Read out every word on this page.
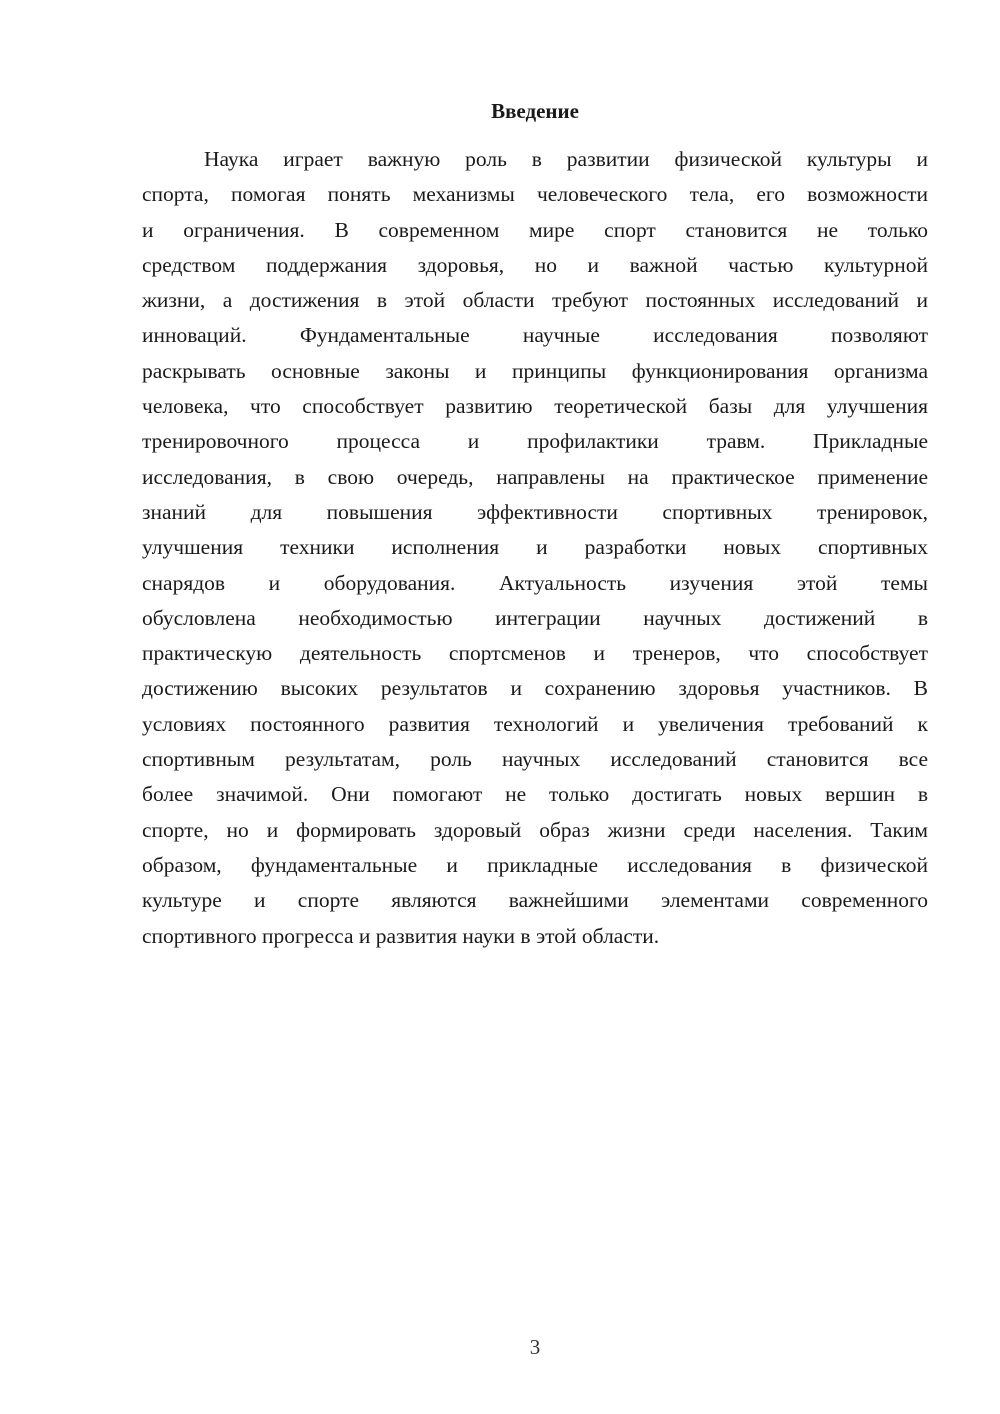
Введение
Наука играет важную роль в развитии физической культуры и
спорта, помогая понять механизмы человеческого тела, его возможности
и ограничения. В современном мире спорт становится не только
средством поддержания здоровья, но и важной частью культурной
жизни, а достижения в этой области требуют постоянных исследований и
инноваций. Фундаментальные научные исследования позволяют
раскрывать основные законы и принципы функционирования организма
человека, что способствует развитию теоретической базы для улучшения
тренировочного процесса и профилактики травм. Прикладные
исследования, в свою очередь, направлены на практическое применение
знаний для повышения эффективности спортивных тренировок,
улучшения техники исполнения и разработки новых спортивных
снарядов и оборудования. Актуальность изучения этой темы
обусловлена необходимостью интеграции научных достижений в
практическую деятельность спортсменов и тренеров, что способствует
достижению высоких результатов и сохранению здоровья участников. В
условиях постоянного развития технологий и увеличения требований к
спортивным результатам, роль научных исследований становится все
более значимой. Они помогают не только достигать новых вершин в
спорте, но и формировать здоровый образ жизни среди населения. Таким
образом, фундаментальные и прикладные исследования в физической
культуре и спорте являются важнейшими элементами современного
спортивного прогресса и развития науки в этой области.
3
